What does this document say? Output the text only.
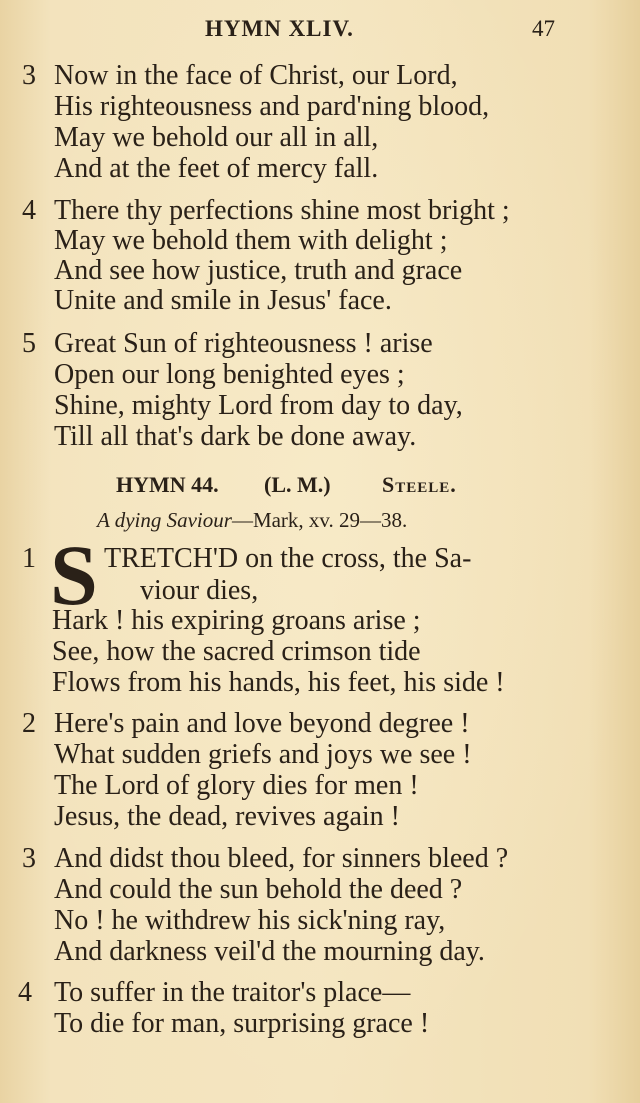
HYMN XLIV.	47
3 Now in the face of Christ, our Lord,
His righteousness and pard'ning blood,
May we behold our all in all,
And at the feet of mercy fall.
4 There thy perfections shine most bright ;
May we behold them with delight ;
And see how justice, truth and grace
Unite and smile in Jesus' face.
5 Great Sun of righteousness ! arise
Open our long benighted eyes ;
Shine, mighty Lord from day to day,
Till all that's dark be done away.
HYMN 44. (L. M.) Steele.
A dying Saviour—Mark, xv. 29—38.
1 S TRETCH'D on the cross, the Sa-
viour dies,
Hark ! his expiring groans arise ;
See, how the sacred crimson tide
Flows from his hands, his feet, his side !
2 Here's pain and love beyond degree !
What sudden griefs and joys we see !
The Lord of glory dies for men !
Jesus, the dead, revives again !
3 And didst thou bleed, for sinners bleed ?
And could the sun behold the deed ?
No ! he withdrew his sick'ning ray,
And darkness veil'd the mourning day.
4 To suffer in the traitor's place—
To die for man, surprising grace !
